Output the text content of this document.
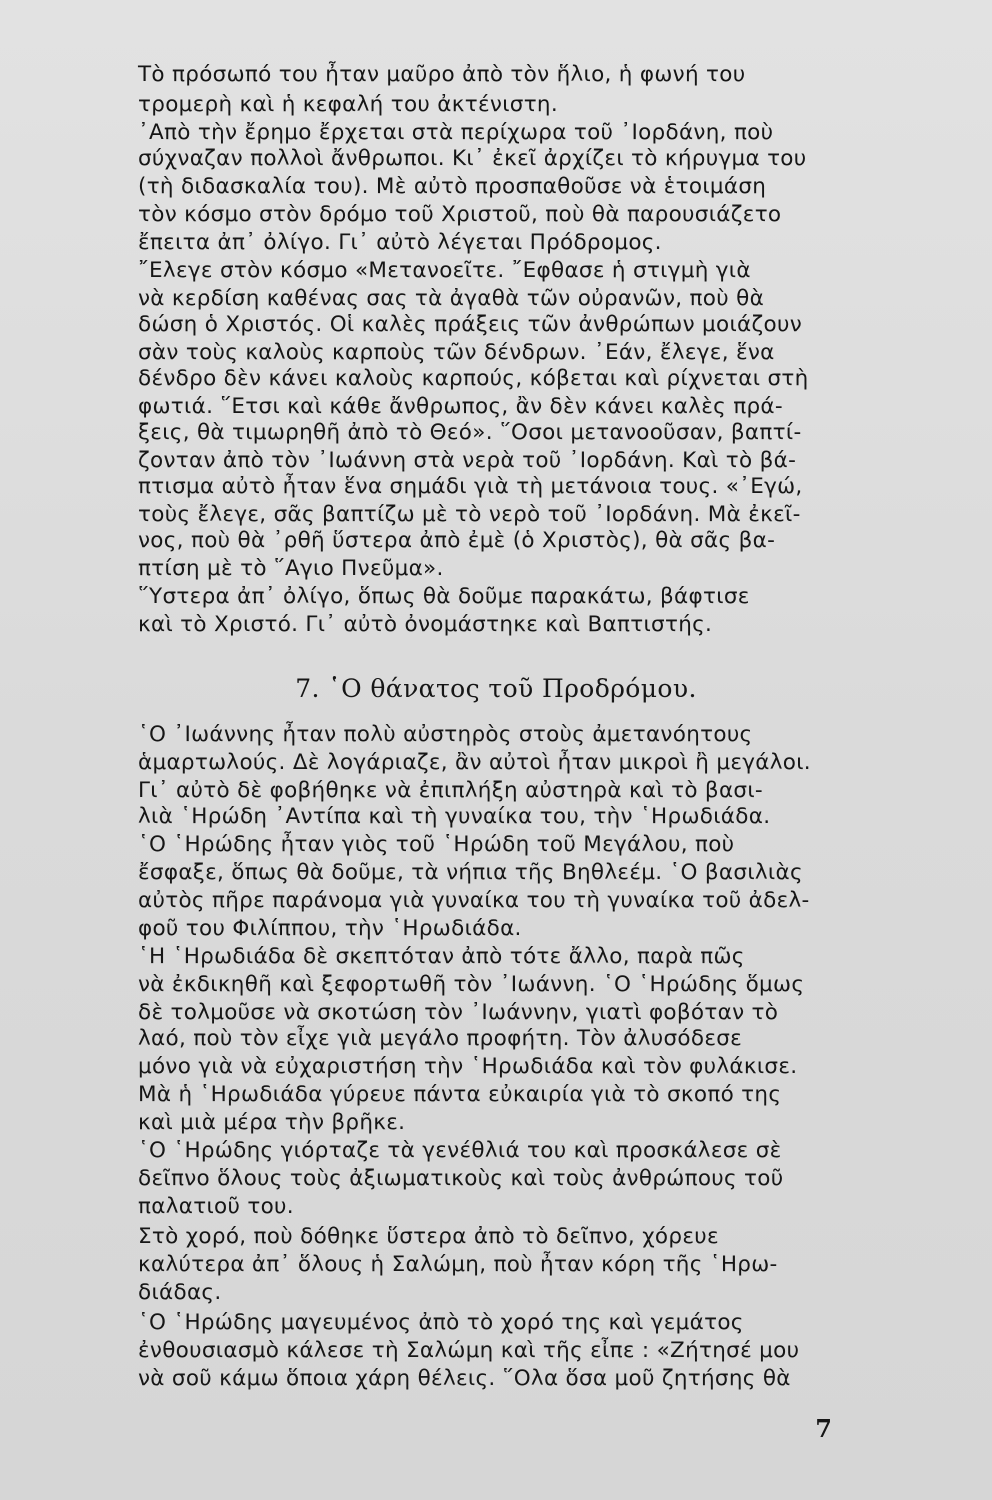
Τὸ πρόσωπό του ἦταν μαῦρο ἀπὸ τὸν ἥλιο, ἡ φωνή του
τρομερὴ καὶ ἡ κεφαλή του ἀκτένιστη.
᾿Απὸ τὴν ἔρημο ἔρχεται στὰ περίχωρα τοῦ ᾿Ιορδάνη, ποὺ
σύχναζαν πολλοὶ ἄνθρωποι. Κι᾿ ἐκεῖ ἀρχίζει τὸ κήρυγμα του
(τὴ διδασκαλία του). Μὲ αὐτὸ προσπαθοῦσε νὰ ἑτοιμάση
τὸν κόσμο στὸν δρόμο τοῦ Χριστοῦ, ποὺ θὰ παρουσιάζετο
ἔπειτα ἀπ᾿ ὀλίγο. Γι᾿ αὐτὸ λέγεται Πρόδρομος.
῎Ελεγε στὸν κόσμο «Μετανοεῖτε. ῎Εφθασε ἡ στιγμὴ γιὰ
νὰ κερδίση καθένας σας τὰ ἀγαθὰ τῶν οὐρανῶν, ποὺ θὰ
δώση ὁ Χριστός. Οἱ καλὲς πράξεις τῶν ἀνθρώπων μοιάζουν
σὰν τοὺς καλοὺς καρποὺς τῶν δένδρων. ᾿Εάν, ἔλεγε, ἕνα
δένδρο δὲν κάνει καλοὺς καρπούς, κόβεται καὶ ρίχνεται στὴ
φωτιά. ῞Ετσι καὶ κάθε ἄνθρωπος, ἂν δὲν κάνει καλὲς πρά-
ξεις, θὰ τιμωρηθῆ ἀπὸ τὸ Θεό». ῞Οσοι μετανοοῦσαν, βαπτί-
ζονταν ἀπὸ τὸν ᾿Ιωάννη στὰ νερὰ τοῦ ᾿Ιορδάνη. Καὶ τὸ βά-
πτισμα αὐτὸ ἦταν ἕνα σημάδι γιὰ τὴ μετάνοια τους. «᾿Εγώ,
τοὺς ἔλεγε, σᾶς βαπτίζω μὲ τὸ νερὸ τοῦ ᾿Ιορδάνη. Μὰ ἐκεῖ-
νος, ποὺ θὰ ᾿ρθῆ ὕστερα ἀπὸ ἐμὲ (ὁ Χριστὸς), θὰ σᾶς βα-
πτίση μὲ τὸ ῞Αγιο Πνεῦμα».
῞Υστερα ἀπ᾿ ὀλίγο, ὅπως θὰ δοῦμε παρακάτω, βάφτισε
καὶ τὸ Χριστό. Γι᾿ αὐτὸ ὀνομάστηκε καὶ Βαπτιστής.
7. ῾Ο θάνατος τοῦ Προδρόμου.
῾Ο ᾿Ιωάννης ἦταν πολὺ αὐστηρὸς στοὺς ἀμετανόητους
ἁμαρτωλούς. Δὲ λογάριαζε, ἂν αὐτοὶ ἦταν μικροὶ ἢ μεγάλοι.
Γι᾿ αὐτὸ δὲ φοβήθηκε νὰ ἐπιπλήξη αὐστηρὰ καὶ τὸ βασι-
λιὰ ῾Ηρώδη ᾿Αντίπα καὶ τὴ γυναίκα του, τὴν ῾Ηρωδιάδα.
῾Ο ῾Ηρώδης ἦταν γιὸς τοῦ ῾Ηρώδη τοῦ Μεγάλου, ποὺ
ἔσφαξε, ὅπως θὰ δοῦμε, τὰ νήπια τῆς Βηθλεέμ. ῾Ο βασιλιὰς
αὐτὸς πῆρε παράνομα γιὰ γυναίκα του τὴ γυναίκα τοῦ ἀδελ-
φοῦ του Φιλίππου, τὴν ῾Ηρωδιάδα.
῾Η ῾Ηρωδιάδα δὲ σκεπτόταν ἀπὸ τότε ἄλλο, παρὰ πῶς
νὰ ἐκδικηθῆ καὶ ξεφορτωθῆ τὸν ᾿Ιωάννη. ῾Ο ῾Ηρώδης ὅμως
δὲ τολμοῦσε νὰ σκοτώση τὸν ᾿Ιωάννην, γιατὶ φοβόταν τὸ
λαό, ποὺ τὸν εἶχε γιὰ μεγάλο προφήτη. Τὸν ἀλυσόδεσε
μόνο γιὰ νὰ εὐχαριστήση τὴν ῾Ηρωδιάδα καὶ τὸν φυλάκισε.
Μὰ ἡ ῾Ηρωδιάδα γύρευε πάντα εὐκαιρία γιὰ τὸ σκοπό της
καὶ μιὰ μέρα τὴν βρῆκε.
῾Ο ῾Ηρώδης γιόρταζε τὰ γενέθλιά του καὶ προσκάλεσε σὲ
δεῖπνο ὅλους τοὺς ἀξιωματικοὺς καὶ τοὺς ἀνθρώπους τοῦ
παλατιοῦ του.
Στὸ χορό, ποὺ δόθηκε ὕστερα ἀπὸ τὸ δεῖπνο, χόρευε
καλύτερα ἀπ᾿ ὅλους ἡ Σαλώμη, ποὺ ἦταν κόρη τῆς ῾Ηρω-
διάδας.
῾Ο ῾Ηρώδης μαγευμένος ἀπὸ τὸ χορό της καὶ γεμάτος
ἐνθουσιασμὸ κάλεσε τὴ Σαλώμη καὶ τῆς εἶπε : «Ζήτησέ μου
νὰ σοῦ κάμω ὅποια χάρη θέλεις. ῞Ολα ὅσα μοῦ ζητήσης θὰ
7
